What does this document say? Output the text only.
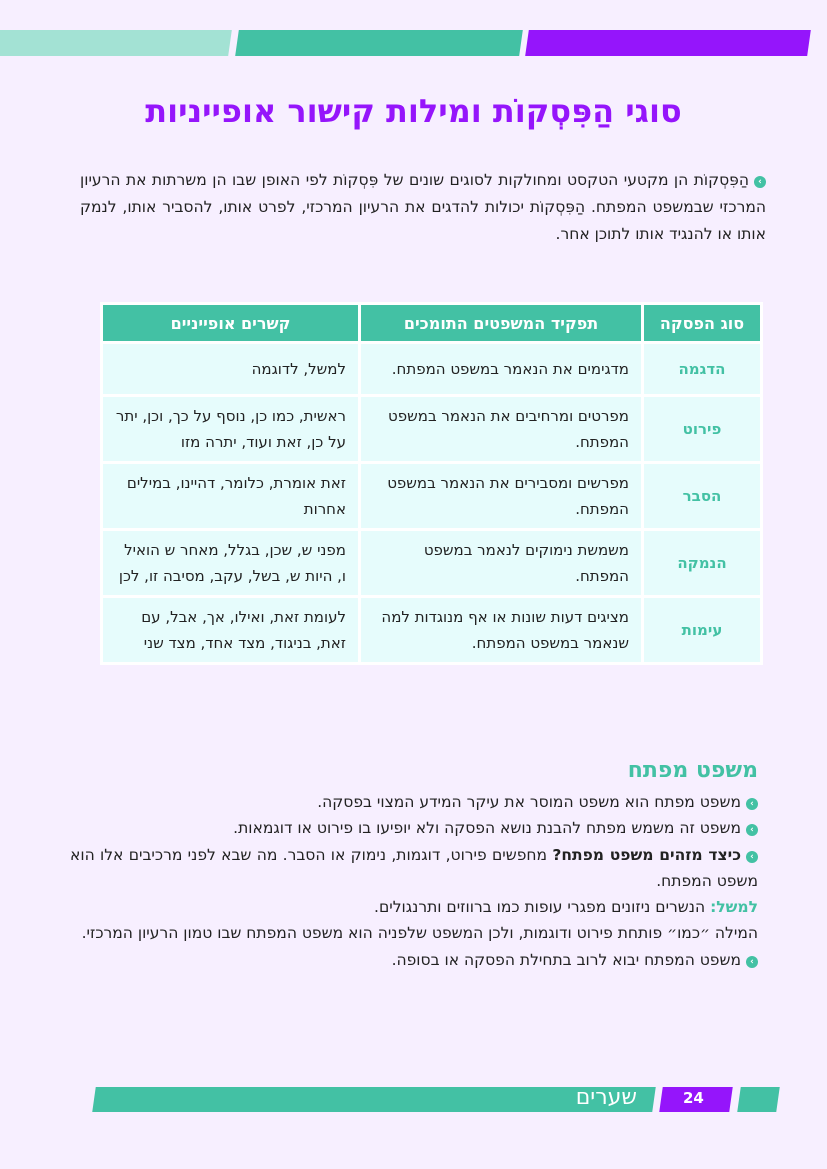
סוגי הַפִּסְקוֹת ומילות קישור אופייניות
›הַפִּסְקוֹת הן מקטעי הטקסט ומחולקות לסוגים שונים של פִּסְקוֹת לפי האופן שבו הן משרתות את הרעיון המרכזי שבמשפט המפתח. הַפִּסְקוֹת יכולות להדגים את הרעיון המרכזי, לפרט אותו, להסביר אותו, לנמק אותו או להנגיד אותו לתוכן אחר.
סוג הפסקה	תפקיד המשפטים התומכים	קשרים אופייניים
הדגמה	מדגימים את הנאמר במשפט המפתח.	למשל, לדוגמה
פירוט	מפרטים ומרחיבים את הנאמר במשפט המפתח.	ראשית, כמו כן, נוסף על כך, וכן, יתר על כן, זאת ועוד, יתרה מזו
הסבר	מפרשים ומסבירים את הנאמר במשפט המפתח.	זאת אומרת, כלומר, דהיינו, במילים אחרות
הנמקה	משמשת נימוקים לנאמר במשפט המפתח.	מפני ש, שכן, בגלל, מאחר ש הואיל ו, היות ש, בשל, עקב, מסיבה זו, לכן
עימות	מציגים דעות שונות או אף מנוגדות למה שנאמר במשפט המפתח.	לעומת זאת, ואילו, אך, אבל, עם זאת, בניגוד, מצד אחד, מצד שני
משפט מפתח

›משפט מפתח הוא משפט המוסר את עיקר המידע המצוי בפסקה.

›משפט זה משמש מפתח להבנת נושא הפסקה ולא יופיעו בו פירוט או דוגמאות.

›כיצד מזהים משפט מפתח? מחפשים פירוט, דוגמות, נימוק או הסבר. מה שבא לפני מרכיבים אלו הוא משפט המפתח.

למשל: הנשרים ניזונים מפגרי עופות כמו ברווזים ותרנגולים.

המילה ״כמו״ פותחת פירוט ודוגמות, ולכן המשפט שלפניה הוא משפט המפתח שבו טמון הרעיון המרכזי.

›משפט המפתח יבוא לרוב בתחילת הפסקה או בסופה.

שערים	24
